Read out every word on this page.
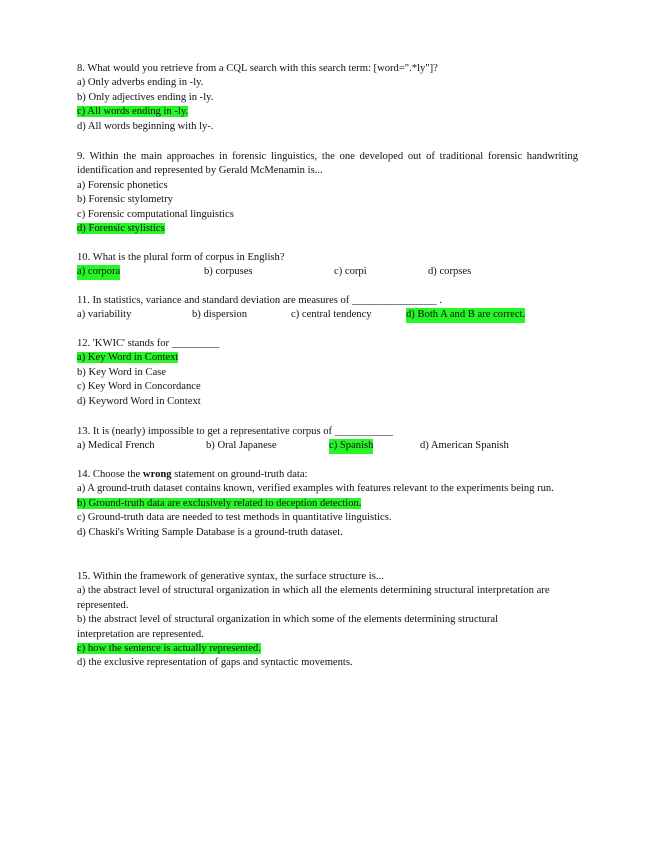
8. What would you retrieve from a CQL search with this search term: [word=".*ly"]?
a) Only adverbs ending in -ly.
b) Only adjectives ending in -ly.
c) All words ending in -ly.
d) All words beginning with ly-.
9. Within the main approaches in forensic linguistics, the one developed out of traditional forensic handwriting identification and represented by Gerald McMenamin is...
a) Forensic phonetics
b) Forensic stylometry
c) Forensic computational linguistics
d) Forensic stylistics
10. What is the plural form of corpus in English?
a) corpora	b) corpuses	c) corpi	d) corpses
11. In statistics, variance and standard deviation are measures of ________________ .
a) variability	b) dispersion	c) central tendency	d) Both A and B are correct.
12. 'KWIC' stands for _________
a) Key Word in Context
b) Key Word in Case
c) Key Word in Concordance
d) Keyword Word in Context
13. It is (nearly) impossible to get a representative corpus of ___________
a) Medical French	b) Oral Japanese	c) Spanish	d) American Spanish
14. Choose the wrong statement on ground-truth data:
a) A ground-truth dataset contains known, verified examples with features relevant to the experiments being run.
b) Ground-truth data are exclusively related to deception detection.
c) Ground-truth data are needed to test methods in quantitative linguistics.
d) Chaski's Writing Sample Database is a ground-truth dataset.
15. Within the framework of generative syntax, the surface structure is...
a) the abstract level of structural organization in which all the elements determining structural interpretation are represented.
b) the abstract level of structural organization in which some of the elements determining structural
interpretation are represented.
c) how the sentence is actually represented.
d) the exclusive representation of gaps and syntactic movements.
